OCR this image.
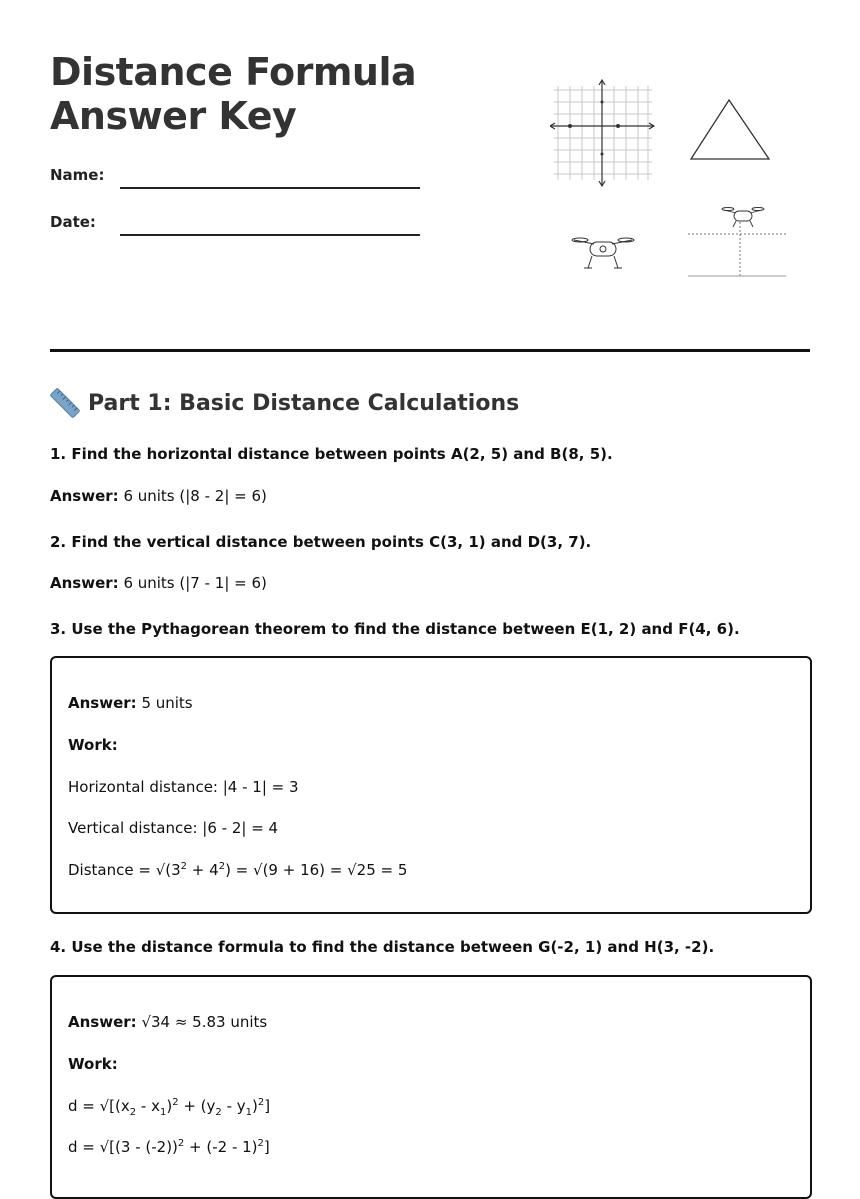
Distance Formula
Answer Key
Name:
Date:
Part 1: Basic Distance Calculations
1. Find the horizontal distance between points A(2, 5) and B(8, 5).
Answer: 6 units (|8 - 2| = 6)
2. Find the vertical distance between points C(3, 1) and D(3, 7).
Answer: 6 units (|7 - 1| = 6)
3. Use the Pythagorean theorem to find the distance between E(1, 2) and F(4, 6).
Answer: 5 units
Work:
Horizontal distance: |4 - 1| = 3
Vertical distance: |6 - 2| = 4
Distance = $√(3^2 + 4^2) = √(9 + 16) = √25 = 5$
4. Use the distance formula to find the distance between G(-2, 1) and H(3, -2).
Answer: √34 ≈ 5.83 units
Work:
$d = √[(x_2 - x_1)^2 + (y_2 - y_1)^2]$
d = √[(3 - (-2))$^2$ + (-2 - 1)$^2$]
